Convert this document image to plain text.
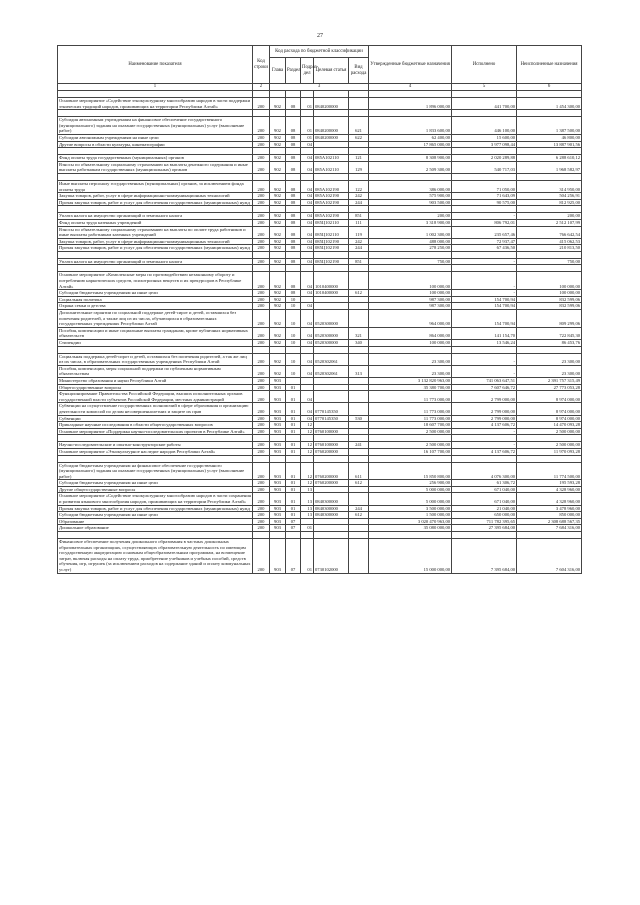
27
Наименование показателя	Код строки	Код расхода по бюджетной классификации					Утвержденные бюджетные назначения	Исполнено	Неисполненные назначения
		Глава	Раздел	Подраз-дел	Целевая статья	Вид расхода			
1	2	3					4	5	6

Основное мероприятие «Содействие этнокультурному многообразию народов в части поддержки этнических традиций народов, проживающих на территории Республики Алтай»	200	902	08	01	0840200000		1 896 000,00	441 700,00	1 454 300,00

Субсидия автономным учреждениям на финансовое обеспечение государственного (муниципального) задания на оказание государственных (муниципальных) услуг (выполнение работ)	200	902	08	01	0840200000	621	1 833 600,00	446 100,00	1 387 500,00
Субсидии автономным учреждениям на иные цели	200	902	08	01	0840200000	622	62 400,00	15 600,00	46 800,00
Другие вопросы в области культуры, кинематографии	200	902	08	04			17 865 000,00	3 977 098,44	13 887 901,56

Фонд оплаты труда государственных (муниципальных) органов	200	902	08	04	085А102110	121	8 308 900,00	2 020 289,88	6 288 610,12
Взносы по обязательному социальному страхованию на выплаты денежного содержания и иные выплаты работникам государственных (муниципальных) органов	200	902	08	04	085А102110	129	2 509 300,00	540 717,03	1 968 582,97

Иные выплаты персоналу государственных (муниципальных) органов, за исключением фонда оплаты труда	200	902	08	04	085А102190	122	386 000,00	71 050,00	314 950,00
Закупка товаров, работ, услуг в сфере информационно-коммуникационных технологий	200	902	08	04	085А102190	242	575 900,00	71 643,09	504 256,91
Прочая закупка товаров, работ и услуг для обеспечения государственных (муниципальных) нужд	200	902	08	04	085А102190	244	903 500,00	90 575,00	812 925,00

Уплата налога на имущество организаций и земельного налога	200	902	08	04	085А102190	851	200,00	-	200,00
Фонд оплаты труда казенных учреждений	200	902	08	04	085Ц102110	111	3 318 900,00	806 792,01	2 512 107,99
Взносы по обязательному социальному страхованию на выплаты по оплате труда работников и иные выплаты работникам казенных учреждений	200	902	08	04	085Ц102110	119	1 002 300,00	235 657,46	766 642,54
Закупка товаров, работ, услуг в сфере информационно-коммуникационных технологий	200	902	08	04	085Ц102190	242	488 000,00	72 937,47	415 062,53
Прочая закупка товаров, работ и услуг для обеспечения государственных (муниципальных) нужд	200	902	08	04	085Ц102190	244	278 250,00	67 436,50	210 813,50

Уплата налога на имущество организаций и земельного налога	200	902	08	04	085Ц102190	851	750,00	-	750,00

Основное мероприятие «Комплексные меры по противодействию незаконному обороту и потреблению наркотических средств, психотропных веществ и их прекурсоров в Республике Алтай»	200	902	08	04	1010400000		100 000,00	-	100 000,00
Субсидии бюджетным учреждениям на иные цели	200	902	08	04	1010400000	612	100 000,00	-	100 000,00
Социальная политика	200	902	10				987 300,00	154 700,94	832 599,06
Охрана семьи и детства	200	902	10	04			987 300,00	154 700,94	832 599,06
Дополнительные гарантии по социальной поддержке детей-сирот и детей, оставшихся без попечения родителей, а также лиц из их числа, обучающихся в образовательных государственных учреждениях Республики Алтай	200	902	10	04	0520300000		964 000,00	154 700,94	809 299,06
Пособия, компенсации и иные социальные выплаты гражданам, кроме публичных нормативных обязательств	200	902	10	04	0520300000	321	864 000,00	141 154,70	722 845,30
Стипендии	200	902	10	04	0520300000	340	100 000,00	13 546,24	86 453,76

Социальная поддержка детей-сирот и детей, оставшихся без попечения родителей, а так же лиц из их числа, в образовательных государственных учреждениях Республики Алтай	200	902	10	04	0520302061		23 300,00	-	23 300,00
Пособия, компенсации, меры социальной поддержки по публичным нормативным обязательствам	200	902	10	04	0520302061	313	23 300,00	-	23 300,00
Министерство образования и науки Республики Алтай	200	903					3 132 820 963,00	741 063 647,51	2 391 757 315,49
Общегосударственные вопросы	200	903	01				35 380 700,00	7 607 646,72	27 773 053,28
Функционирование Правительства Российской Федерации, высших исполнительных органов государственной власти субъектов Российской Федерации, местных администраций	200	903	01	04			11 773 000,00	2 799 000,00	8 974 000,00
Субвенции на осуществление государственных полномочий в сфере образования и организацию деятельности комиссий по делам несовершеннолетних и защите их прав	200	903	01	04	0770145350		11 773 000,00	2 799 000,00	8 974 000,00
Субвенции	200	903	01	04	0770145350	530	11 773 000,00	2 799 000,00	8 974 000,00
Прикладные научные исследования в области общегосударственных вопросов	200	903	01	12			18 607 700,00	4 137 606,72	14 470 093,28
Основное мероприятие «Поддержка научно-исследовательских проектов в Республике Алтай»	200	903	01	12	0760100000		2 500 000,00	-	2 500 000,00

Научно-исследовательские и опытно-конструкторские работы	200	903	01	12	0760100000	241	2 500 000,00	-	2 500 000,00
Основное мероприятие «Этнокультурное наследие народов Республики Алтай»	200	903	01	12	0760200000		16 107 700,00	4 137 606,72	11 970 093,28

Субсидии бюджетным учреждениям на финансовое обеспечение государственного (муниципального) задания на оказание государственных (муниципальных) услуг (выполнение работ)	200	903	01	12	0760200000	611	15 850 800,00	4 076 300,00	11 774 500,00
Субсидии бюджетным учреждениям на иные цели	200	903	01	12	0760200000	612	256 900,00	61 306,72	195 593,28
Другие общегосударственные вопросы	200	903	01	13			5 000 000,00	671 040,00	4 328 960,00
Основное мероприятие «Содействие этнокультурному многообразию народов в части сохранения и развития языкового многообразия народов, проживающих на территории Республики Алтай»	200	903	01	13	0840300000		5 000 000,00	671 040,00	4 328 960,00
Прочая закупка товаров, работ и услуг для обеспечения государственных (муниципальных) нужд	200	903	01	13	0840300000	244	3 500 000,00	21 040,00	3 478 960,00
Субсидии бюджетным учреждениям на иные цели	200	903	01	13	0840300000	612	1 500 000,00	650 000,00	850 000,00
Образование	200	903	07				3 020 470 963,00	711 782 395,65	2 308 688 567,35
Дошкольное образование	200	903	07	01			35 080 000,00	27 395 684,00	7 684 316,00

Финансовое обеспечение получения дошкольного образования в частных дошкольных образовательных организациях, осуществляющих образовательную деятельность по имеющим государственную аккредитацию основным общеобразовательным программам, на возмещение затрат, включая расходы на оплату труда, приобретение учебников и учебных пособий, средств обучения, игр, игрушек (за исключением расходов на содержание зданий и оплату коммунальных услуг)	200	903	07	01	0730102000		15 000 000,00	7 395 684,00	7 604 316,00
